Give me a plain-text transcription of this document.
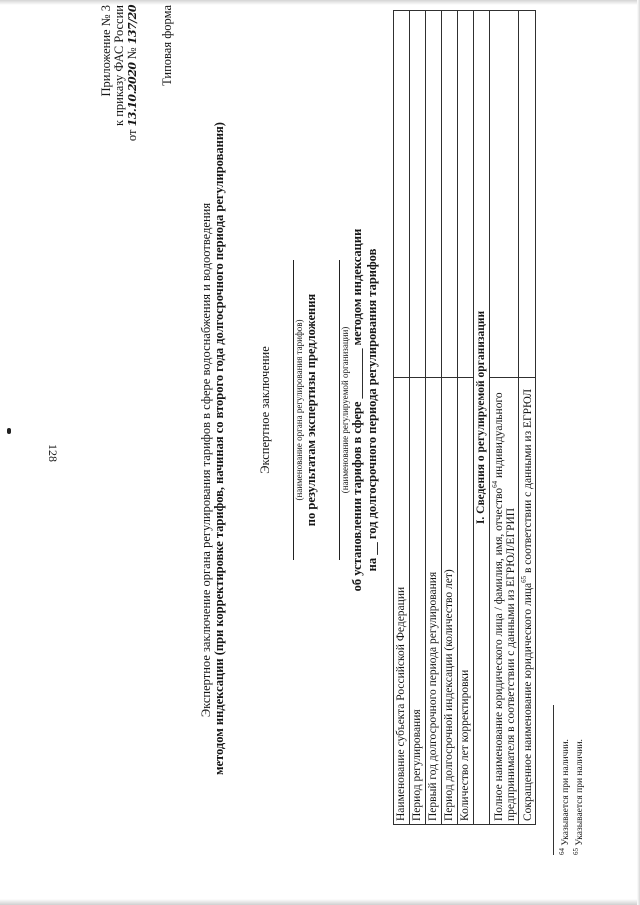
128
Приложение № 3 к приказу ФАС России
от 13.10.2020 № 137/20 Типовая форма
Экспертное заключение органа регулирования тарифов в сфере водоснабжения и водоотведения методом индексации (при корректировке тарифов, начиная со второго года долгосрочного периода регулирования)	Экспертное заключение (наименование органа регулирования тарифов) по результатам экспертизы предложения (наименование регулируемой организации) об установлении тарифов в сфере ________ методом индексации
на __ год долгосрочного периода регулирования тарифов
Наименование субъекта Российской Федерации	
Период регулирования	
Первый год долгосрочного периода регулирования	
Период долгосрочной индексации (количество лет)	
Количество лет корректировки	
I. Сведения о регулируемой организации	
Полное наименование юридического лица / фамилия, имя, отчество$^{64}$ индивидуального предпринимателя в соответствии с данными из ЕГРЮЛ/ЕГРИП	
Сокращенное наименование юридического лица$^{65}$ в соответствии с данными из ЕГРЮЛ	
$^{64}$ Указывается при наличии.
$^{65}$ Указывается при наличии.
